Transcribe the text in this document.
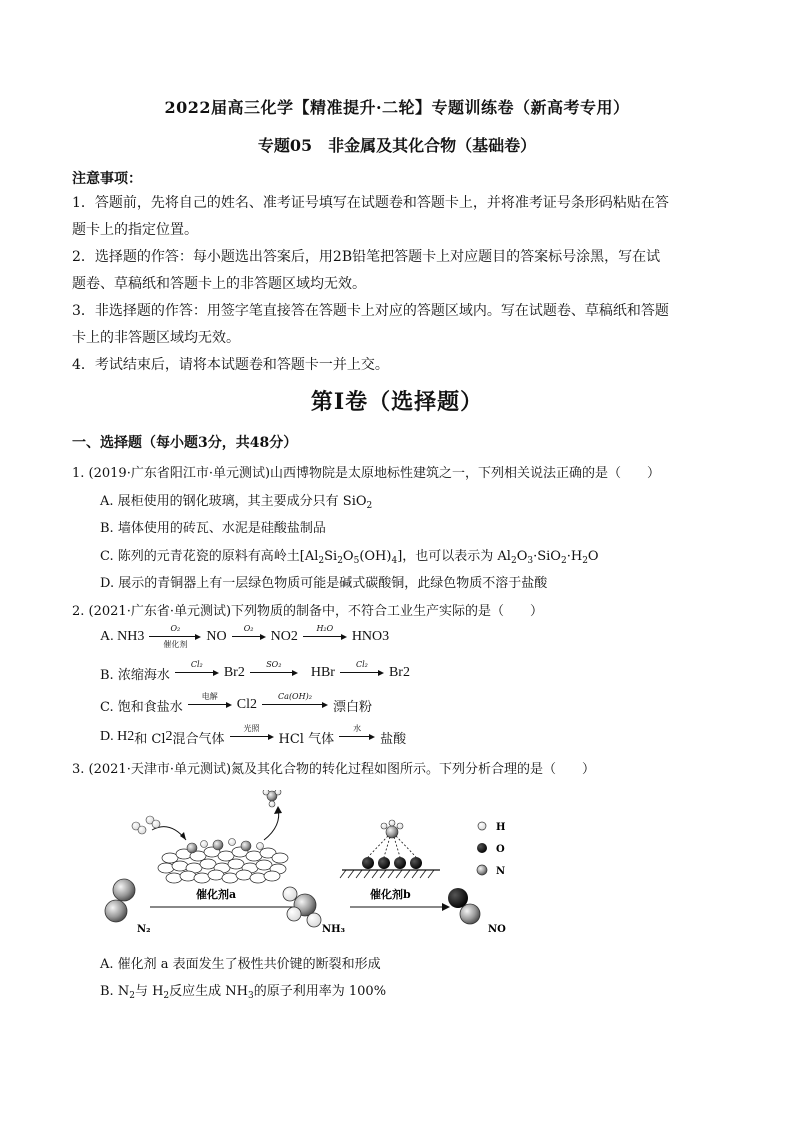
2022届高三化学【精准提升·二轮】专题训练卷（新高考专用）
专题05　非金属及其化合物（基础卷）
注意事项：
1．答题前，先将自己的姓名、准考证号填写在试题卷和答题卡上，并将准考证号条形码粘贴在答
题卡上的指定位置。
2．选择题的作答：每小题选出答案后，用2B铅笔把答题卡上对应题目的答案标号涂黑，写在试
题卷、草稿纸和答题卡上的非答题区域均无效。
3．非选择题的作答：用签字笔直接答在答题卡上对应的答题区域内。写在试题卷、草稿纸和答题
卡上的非答题区域均无效。
4．考试结束后，请将本试题卷和答题卡一并上交。
第Ⅰ卷（选择题）
一、选择题（每小题3分，共48分）
1. (2019·广东省阳江市·单元测试)山西博物院是太原地标性建筑之一，下列相关说法正确的是（　　）
A. 展柜使用的钢化玻璃，其主要成分只有 SiO$_2$
B. 墙体使用的砖瓦、水泥是硅酸盐制品
C. 陈列的元青花瓷的原料有高岭土$[Al_2Si_2O_5(OH)_4]$，也可以表示为 $Al_2O_3\cdot SiO_2\cdot H_2O$
D. 展示的青铜器上有一层绿色物质可能是碱式碳酸铜，此绿色物质不溶于盐酸
2. (2021·广东省·单元测试)下列物质的制备中，不符合工业生产实际的是（　　）
A. NH 3
O₂
催化剂
NO
O₂
NO 2
H₂O
HNO 3
B. 浓缩海水
Cl₂
Br 2
SO₂
HBr
Cl₂
Br 2
C. 饱和食盐水
电解
Cl 2
Ca(OH)₂
漂白粉
D. H 2 和 Cl 2 混合气体
光照
HCl 气体
水
盐酸
3. (2021·天津市·单元测试)氮及其化合物的转化过程如图所示。下列分析合理的是（　　）
N₂
催化剂a
NH₃
催化剂b
NO
H
O
N
A. 催化剂 a 表面发生了极性共价键的断裂和形成
B. $N_2$与 $H_2$反应生成 $NH_3$的原子利用率为 100%
